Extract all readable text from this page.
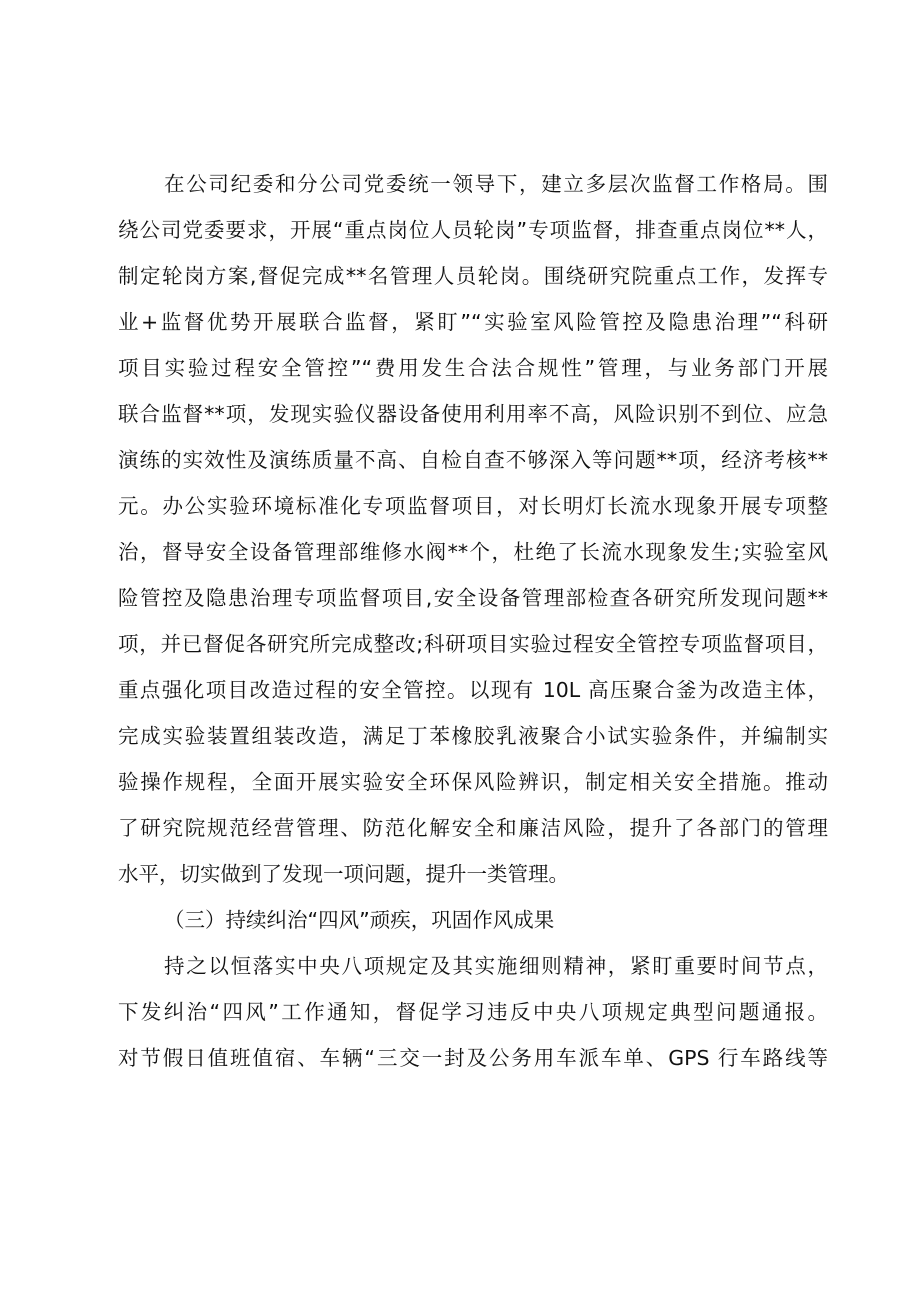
在公司纪委和分公司党委统一领导下，建立多层次监督工作格局。围

绕公司党委要求，开展“重点岗位人员轮岗”专项监督，排查重点岗位**人，

制定轮岗方案,督促完成**名管理人员轮岗。围绕研究院重点工作，发挥专

业+监督优势开展联合监督，紧盯”“实验室风险管控及隐患治理”“科研

项目实验过程安全管控”“费用发生合法合规性”管理，与业务部门开展

联合监督**项，发现实验仪器设备使用利用率不高，风险识别不到位、应急

演练的实效性及演练质量不高、自检自查不够深入等问题**项，经济考核**

元。办公实验环境标准化专项监督项目，对长明灯长流水现象开展专项整

治，督导安全设备管理部维修水阀**个，杜绝了长流水现象发生;实验室风

险管控及隐患治理专项监督项目,安全设备管理部检查各研究所发现问题**

项，并已督促各研究所完成整改;科研项目实验过程安全管控专项监督项目，

重点强化项目改造过程的安全管控。以现有 10L 高压聚合釜为改造主体，

完成实验装置组装改造，满足丁苯橡胶乳液聚合小试实验条件，并编制实

验操作规程，全面开展实验安全环保风险辨识，制定相关安全措施。推动

了研究院规范经营管理、防范化解安全和廉洁风险，提升了各部门的管理

水平，切实做到了发现一项问题，提升一类管理。

（三）持续纠治“四风”顽疾，巩固作风成果

持之以恒落实中央八项规定及其实施细则精神，紧盯重要时间节点，

下发纠治“四风”工作通知，督促学习违反中央八项规定典型问题通报。

对节假日值班值宿、车辆“三交一封及公务用车派车单、GPS 行车路线等
